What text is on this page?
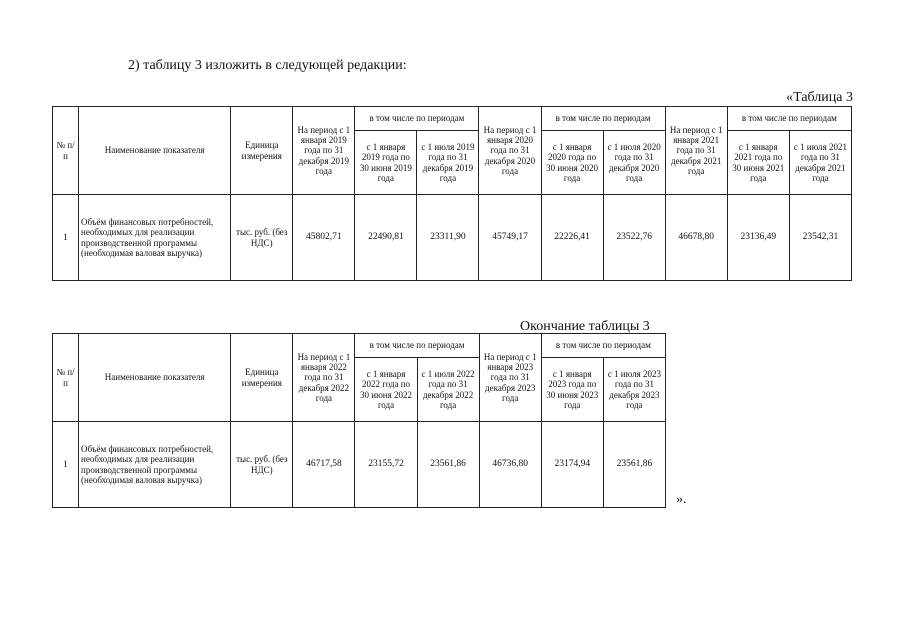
2) таблицу 3 изложить в следующей редакции:
«Таблица 3
№ п/п	Наименование показателя	Единица измерения	На период с 1 января 2019 года по 31 декабря 2019 года	в том числе по периодам		На период с 1 января 2020 года по 31 декабря 2020 года	в том числе по периодам		На период с 1 января 2021 года по 31 декабря 2021 года	в том числе по периодам	
				с 1 января 2019 года по 30 июня 2019 года	с 1 июля 2019 года по 31 декабря 2019 года		с 1 января 2020 года по 30 июня 2020 года	с 1 июля 2020 года по 31 декабря 2020 года		с 1 января 2021 года по 30 июня 2021 года	с 1 июля 2021 года по 31 декабря 2021 года
1	Объём финансовых потребностей, необходимых для реализации производственной программы (необходимая валовая выручка)	тыс. руб. (без НДС)	45802,71	22490,81	23311,90	45749,17	22226,41	23522,76	46678,80	23136,49	23542,31
Окончание таблицы 3
№ п/п	Наименование показателя	Единица измерения	На период с 1 января 2022 года по 31 декабря 2022 года	в том числе по периодам		На период с 1 января 2023 года по 31 декабря 2023 года	в том числе по периодам	
				с 1 января 2022 года по 30 июня 2022 года	с 1 июля 2022 года по 31 декабря 2022 года		с 1 января 2023 года по 30 июня 2023 года	с 1 июля 2023 года по 31 декабря 2023 года
1	Объём финансовых потребностей, необходимых для реализации производственной программы (необходимая валовая выручка)	тыс. руб. (без НДС)	46717,58	23155,72	23561,86	46736,80	23174,94	23561,86
».
